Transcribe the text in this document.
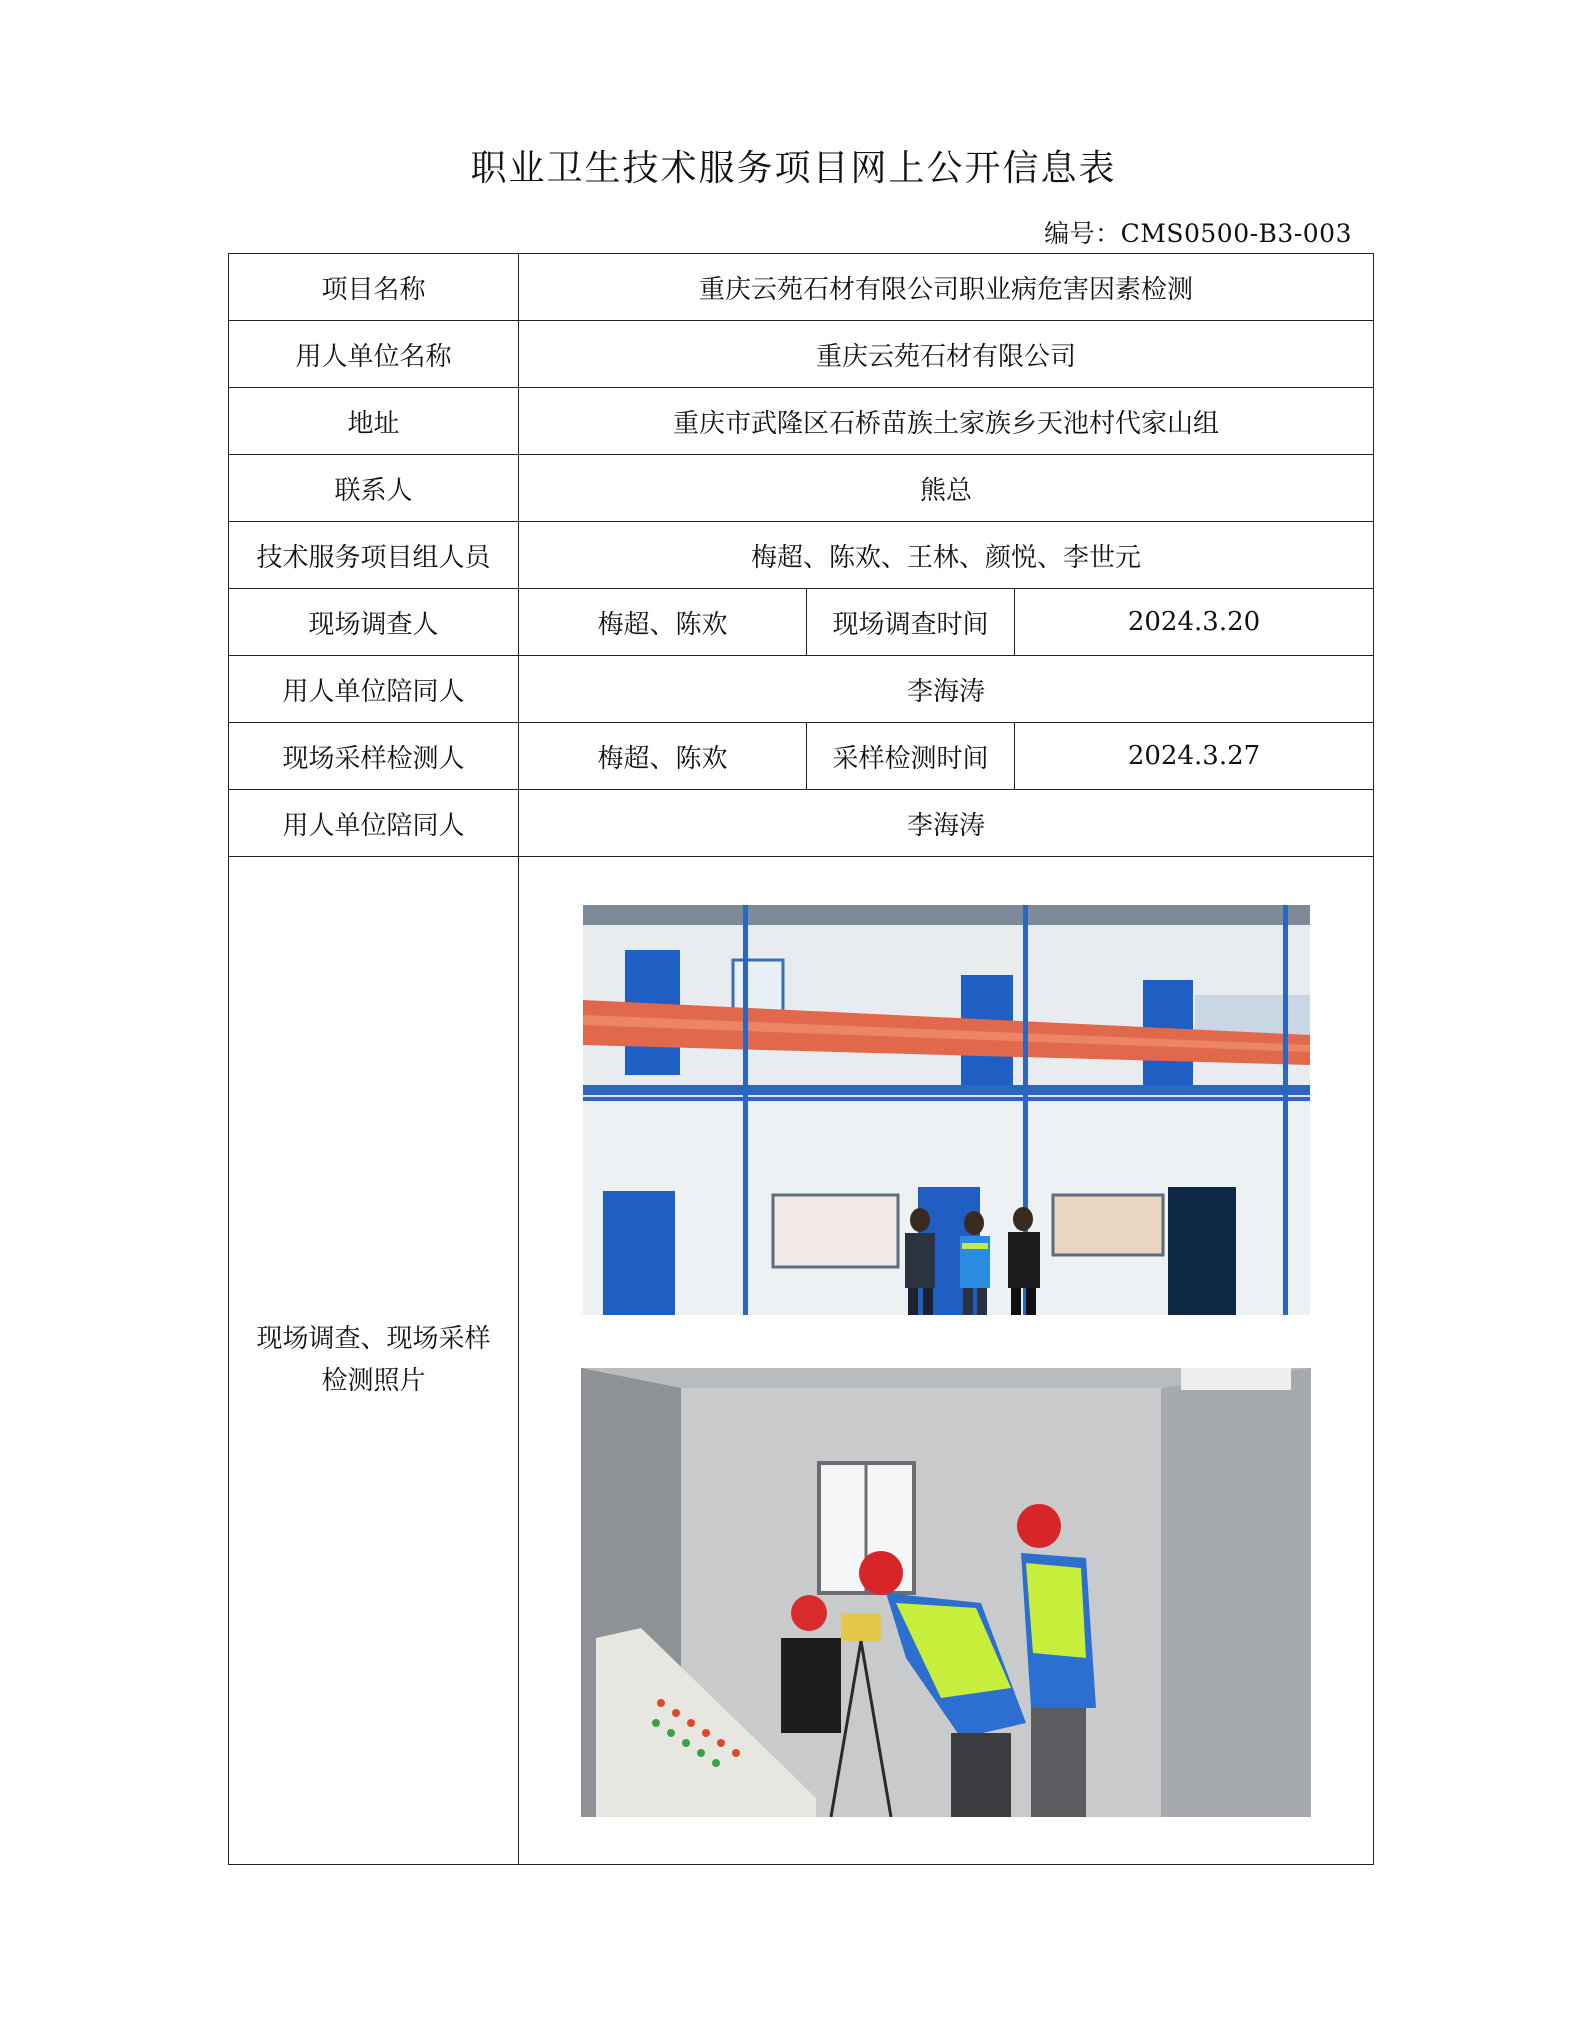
职业卫生技术服务项目网上公开信息表
编号：CMS0500-B3-003
项目名称	重庆云苑石材有限公司职业病危害因素检测		
用人单位名称	重庆云苑石材有限公司		
地址	重庆市武隆区石桥苗族土家族乡天池村代家山组		
联系人	熊总		
技术服务项目组人员	梅超、陈欢、王林、颜悦、李世元		
现场调查人	梅超、陈欢	现场调查时间	2024.3.20
用人单位陪同人	李海涛		
现场采样检测人	梅超、陈欢	采样检测时间	2024.3.27
用人单位陪同人	李海涛		

现场调查、现场采样
检测照片
